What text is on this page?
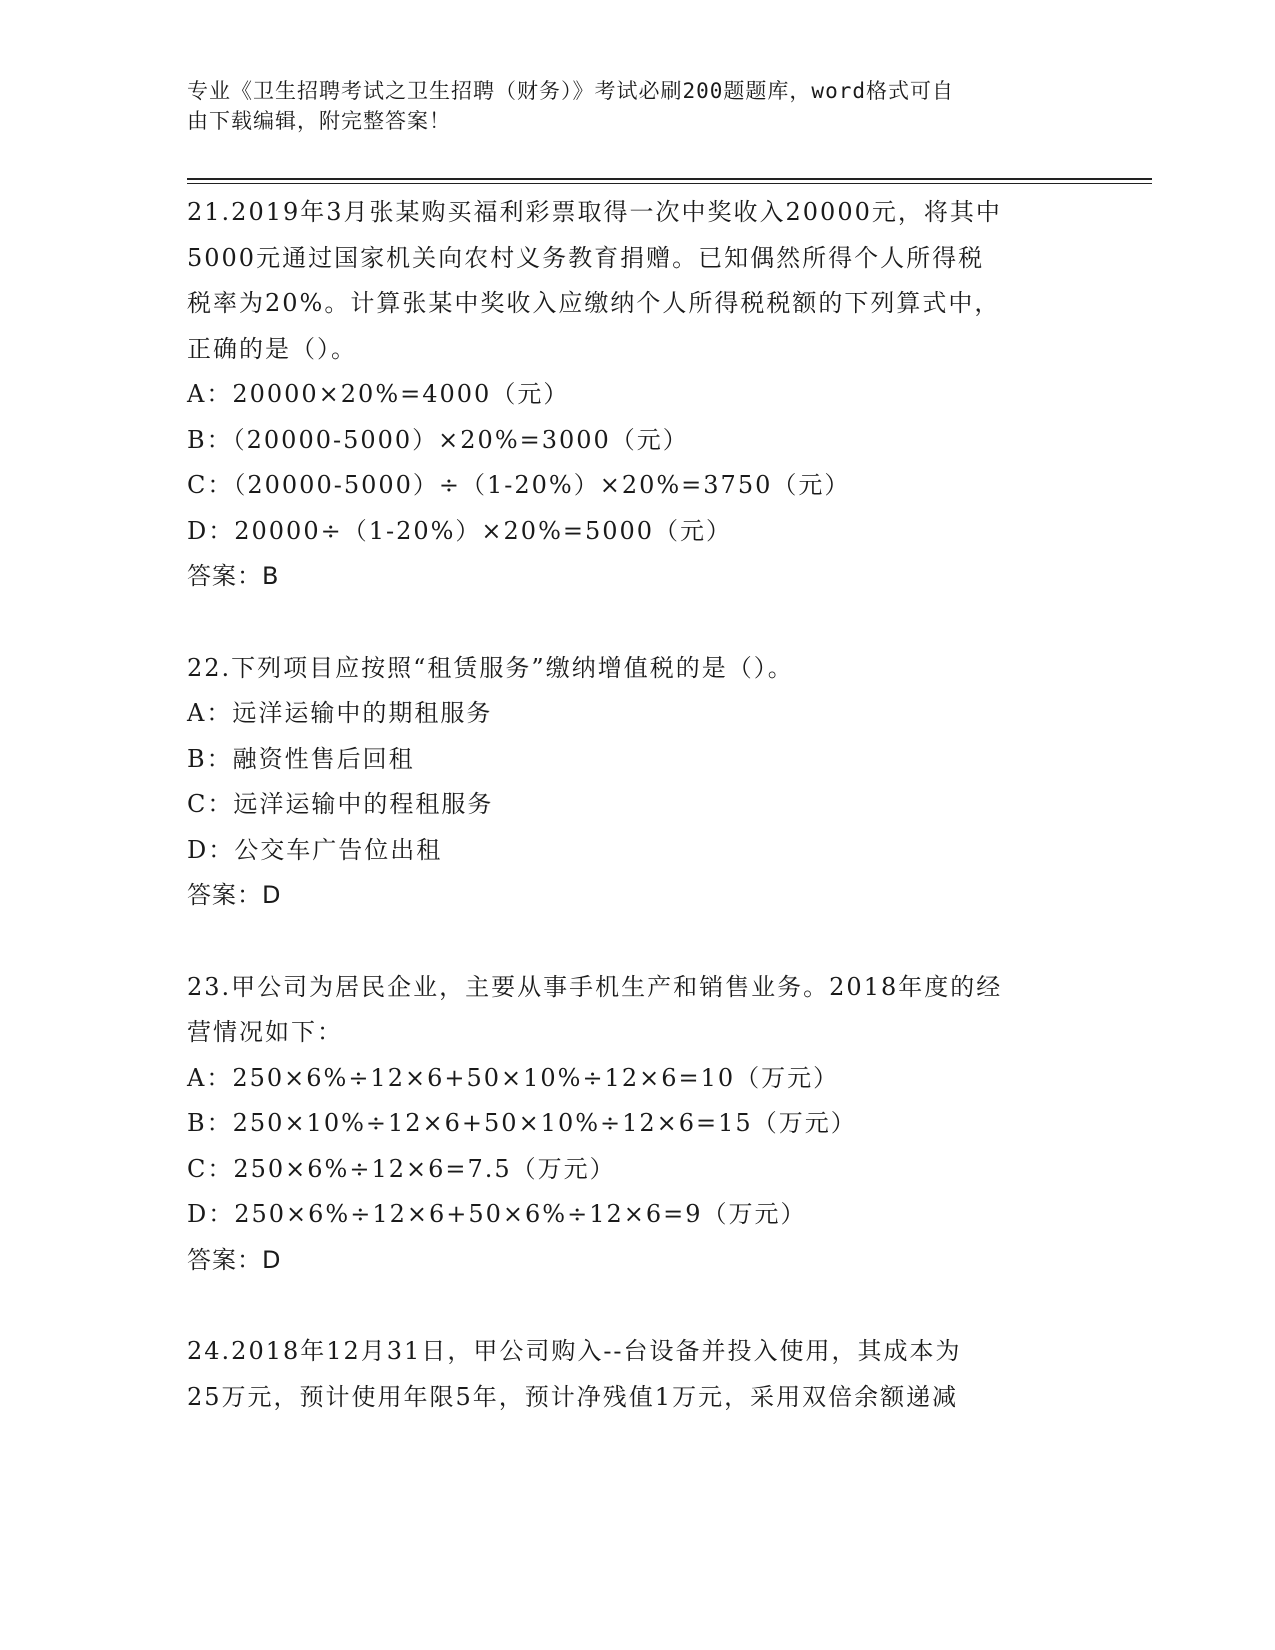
专业《卫生招聘考试之卫生招聘（财务）》考试必刷200题题库，word格式可自
由下载编辑，附完整答案！
21.2019年3月张某购买福利彩票取得一次中奖收入20000元，将其中
5000元通过国家机关向农村义务教育捐赠。已知偶然所得个人所得税
税率为20%。计算张某中奖收入应缴纳个人所得税税额的下列算式中，
正确的是（）。
A：20000×20%=4000（元）
B：（20000-5000）×20%=3000（元）
C：（20000-5000）÷（1-20%）×20%=3750（元）
D：20000÷（1-20%）×20%=5000（元）
答案：B
22.下列项目应按照“租赁服务”缴纳增值税的是（）。
A：远洋运输中的期租服务
B：融资性售后回租
C：远洋运输中的程租服务
D：公交车广告位出租
答案：D
23.甲公司为居民企业，主要从事手机生产和销售业务。2018年度的经
营情况如下：
A：250×6%÷12×6+50×10%÷12×6=10（万元）
B：250×10%÷12×6+50×10%÷12×6=15（万元）
C：250×6%÷12×6=7.5（万元）
D：250×6%÷12×6+50×6%÷12×6=9（万元）
答案：D
24.2018年12月31日，甲公司购入--台设备并投入使用，其成本为
25万元，预计使用年限5年，预计净残值1万元，采用双倍余额递减
